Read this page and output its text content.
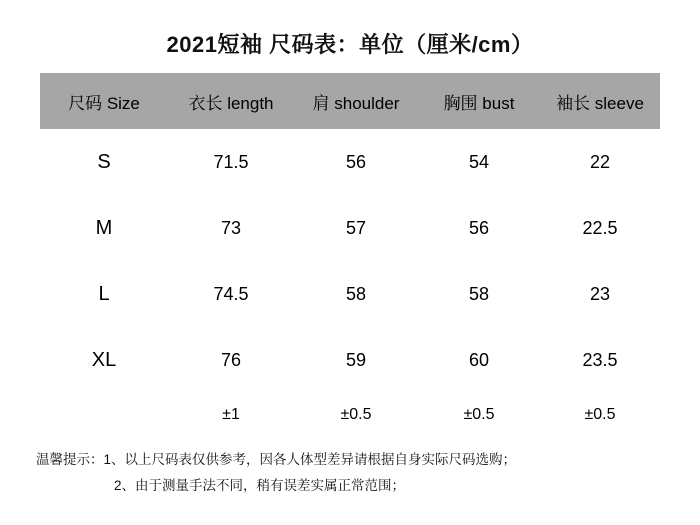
2021短袖 尺码表：单位（厘米/cm）
尺码 Size	衣长 length	肩 shoulder	胸围 bust	袖长 sleeve
S	71.5	56	54	22
M	73	57	56	22.5
L	74.5	58	58	23
XL	76	59	60	23.5
	±1	±0.5	±0.5	±0.5
温馨提示：1、以上尺码表仅供参考，因各人体型差异请根据自身实际尺码选购；
2、由于测量手法不同，稍有误差实属正常范围；
